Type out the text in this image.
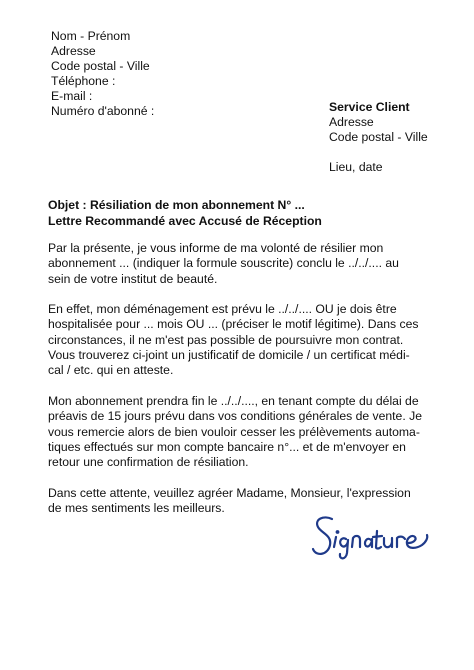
Nom - Prénom
Adresse
Code postal - Ville
Téléphone :
E-mail :
Numéro d'abonné :	Service Client
Adresse
Code postal - Ville
Lieu, date
Objet : Résiliation de mon abonnement N° ...
Lettre Recommandé avec Accusé de Réception

Par la présente, je vous informe de ma volonté de résilier mon
abonnement ... (indiquer la formule souscrite) conclu le ../../.... au
sein de votre institut de beauté.

En effet, mon déménagement est prévu le ../../.... OU je dois être
hospitalisée pour ... mois OU ... (préciser le motif légitime). Dans ces
circonstances, il ne m'est pas possible de poursuivre mon contrat.
Vous trouverez ci-joint un justificatif de domicile / un certificat médi-
cal / etc. qui en atteste.

Mon abonnement prendra fin le ../../...., en tenant compte du délai de
préavis de 15 jours prévu dans vos conditions générales de vente. Je
vous remercie alors de bien vouloir cesser les prélèvements automa-
tiques effectués sur mon compte bancaire n°... et de m'envoyer en
retour une confirmation de résiliation.

Dans cette attente, veuillez agréer Madame, Monsieur, l'expression
de mes sentiments les meilleurs.
